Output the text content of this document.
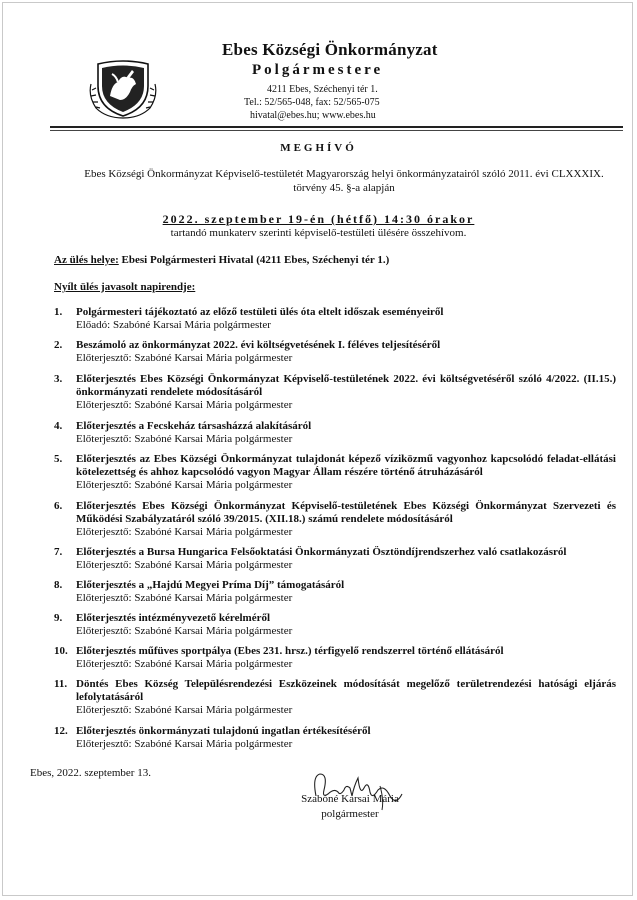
Ebes Községi Önkormányzat
Polgármestere
4211 Ebes, Széchenyi tér 1.
Tel.: 52/565-048, fax: 52/565-075
hivatal@ebes.hu; www.ebes.hu
MEGHÍVÓ
Ebes Községi Önkormányzat Képviselő-testületét Magyarország helyi önkormányzatairól szóló 2011. évi CLXXXIX. törvény 45. §-a alapján
2022. szeptember 19-én (hétfő) 14:30 órakor
tartandó munkaterv szerinti képviselő-testületi ülésére összehívom.
Az ülés helye: Ebesi Polgármesteri Hivatal (4211 Ebes, Széchenyi tér 1.)
Nyílt ülés javasolt napirendje:
1.	Polgármesteri tájékoztató az előző testületi ülés óta eltelt időszak eseményeiről
Előadó: Szabóné Karsai Mária polgármester
2.	Beszámoló az önkormányzat 2022. évi költségvetésének I. féléves teljesítéséről
Előterjesztő: Szabóné Karsai Mária polgármester
3.	Előterjesztés Ebes Községi Önkormányzat Képviselő-testületének 2022. évi költségvetéséről szóló 4/2022. (II.15.) önkormányzati rendelete módosításáról
Előterjesztő: Szabóné Karsai Mária polgármester
4.	Előterjesztés a Fecskeház társasházzá alakításáról
Előterjesztő: Szabóné Karsai Mária polgármester
5.	Előterjesztés az Ebes Községi Önkormányzat tulajdonát képező víziközmű vagyonhoz kapcsolódó feladat-ellátási kötelezettség és ahhoz kapcsolódó vagyon Magyar Állam részére történő átruházásáról
Előterjesztő: Szabóné Karsai Mária polgármester
6.	Előterjesztés Ebes Községi Önkormányzat Képviselő-testületének Ebes Községi Önkormányzat Szervezeti és Működési Szabályzatáról szóló 39/2015. (XII.18.) számú rendelete módosításáról
Előterjesztő: Szabóné Karsai Mária polgármester
7.	Előterjesztés a Bursa Hungarica Felsőoktatási Önkormányzati Ösztöndíjrendszerhez való csatlakozásról
Előterjesztő: Szabóné Karsai Mária polgármester
8.	Előterjesztés a „Hajdú Megyei Príma Díj” támogatásáról
Előterjesztő: Szabóné Karsai Mária polgármester
9.	Előterjesztés intézményvezető kérelméről
Előterjesztő: Szabóné Karsai Mária polgármester
10. Előterjesztés műfüves sportpálya (Ebes 231. hrsz.) térfigyelő rendszerrel történő ellátásáról
Előterjesztő: Szabóné Karsai Mária polgármester
11. Döntés Ebes Község Településrendezési Eszközeinek módosítását megelőző területrendezési hatósági eljárás lefolytatásáról
Előterjesztő: Szabóné Karsai Mária polgármester
12. Előterjesztés önkormányzati tulajdonú ingatlan értékesítéséről
Előterjesztő: Szabóné Karsai Mária polgármester
Ebes, 2022. szeptember 13.
Szabóné Karsai Mária
polgármester
